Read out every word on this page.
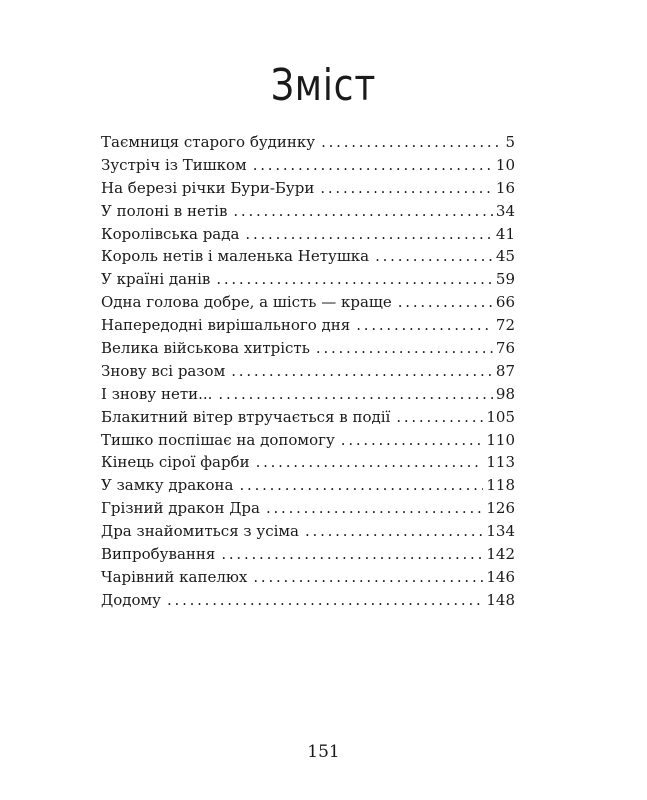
Зміст
Таємниця старого будинку . . .	5
Зустріч із Тишком . . .	10
На березі річки Бури-Бури . . .	16
У полоні в нетів . . .	34
Королівська рада . . .	41
Король нетів і маленька Нетушка . . .	45
У країні данів . . .	59
Одна голова добре, а шість — краще . . .	66
Напередодні вирішального дня . . .	72
Велика військова хитрість . . .	76
Знову всі разом . . .	87
І знову нети... . . .	98
Блакитний вітер втручається в події . . .	105
Тишко поспішає на допомогу . . .	110
Кінець сірої фарби . . .	113
У замку дракона . . .	118
Грізний дракон Дра . . .	126
Дра знайомиться з усіма . . .	134
Випробування . . .	142
Чарівний капелюх . . .	146
Додому . . .	148
151
